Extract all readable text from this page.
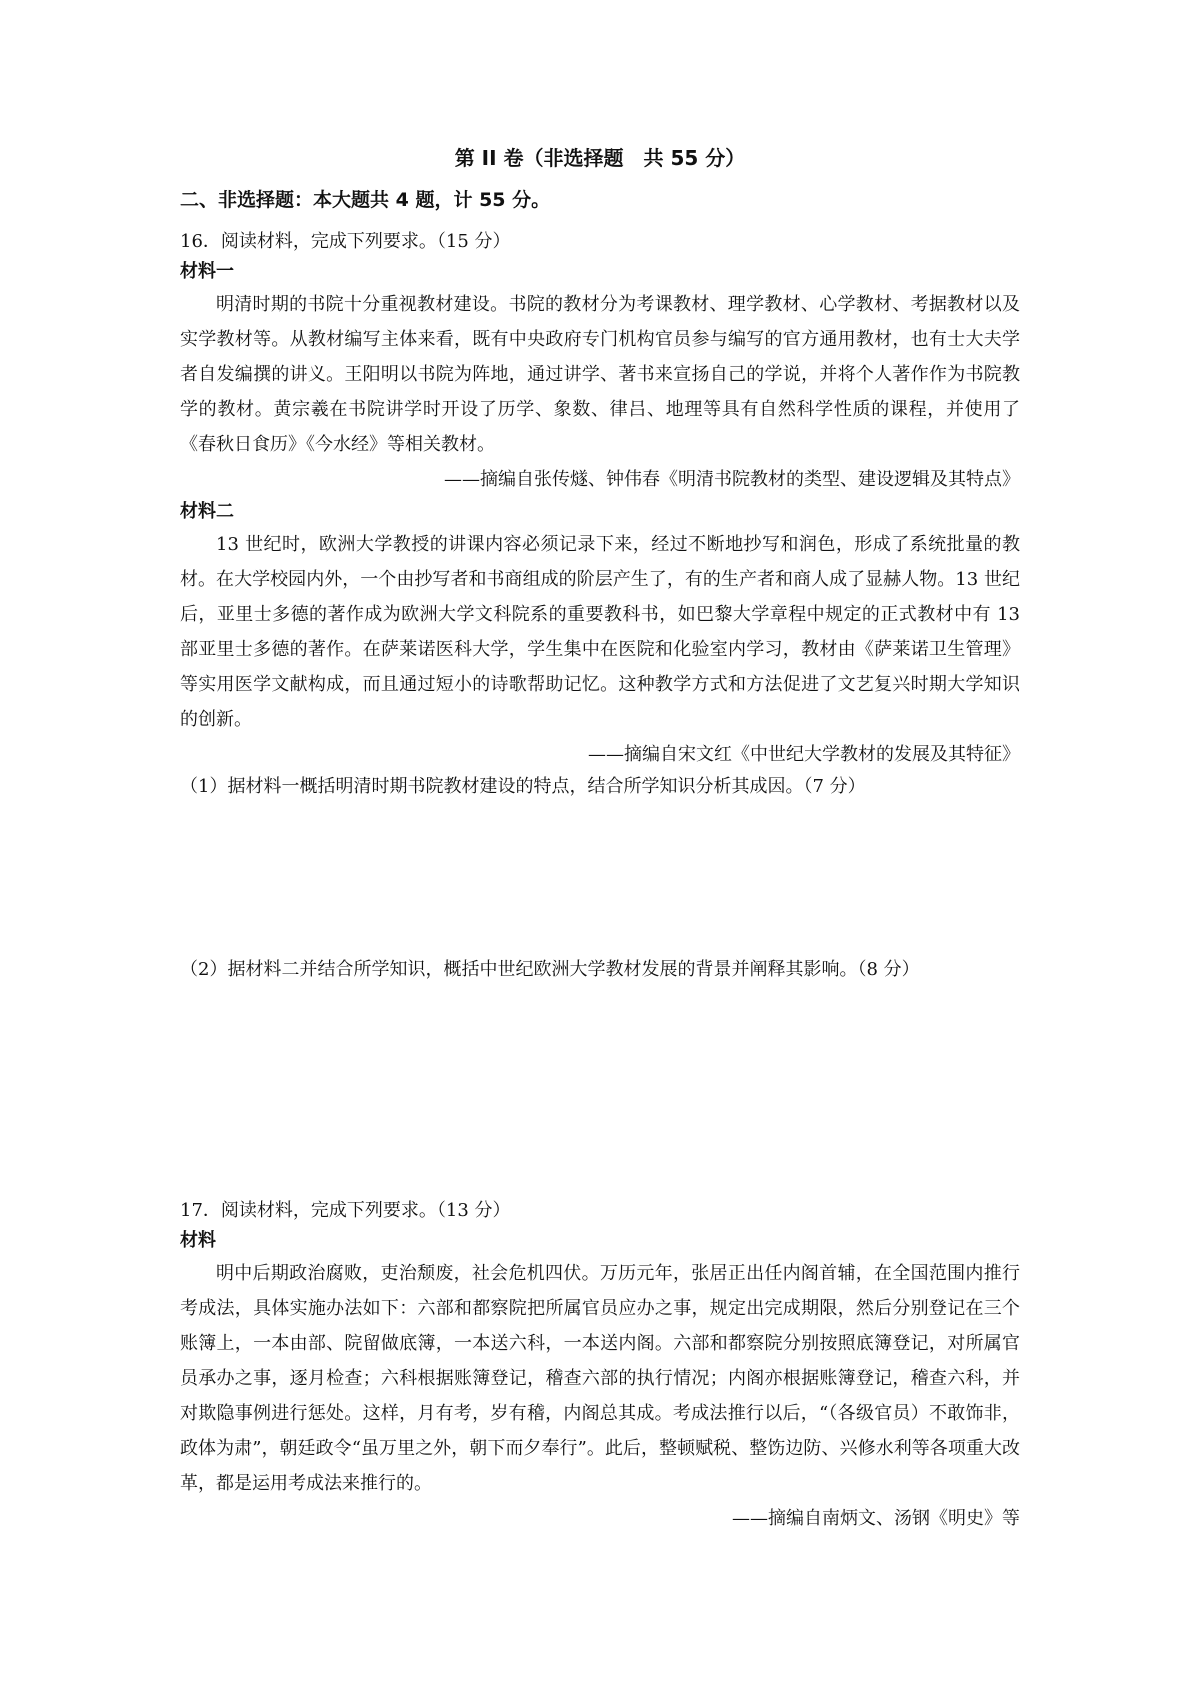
第 II 卷（非选择题　共 55 分）
二、非选择题：本大题共 4 题，计 55 分。
16．阅读材料，完成下列要求。（15 分）
材料一

明清时期的书院十分重视教材建设。书院的教材分为考课教材、理学教材、心学教材、考据教材以及实学教材等。从教材编写主体来看，既有中央政府专门机构官员参与编写的官方通用教材，也有士大夫学者自发编撰的讲义。王阳明以书院为阵地，通过讲学、著书来宣扬自己的学说，并将个人著作作为书院教学的教材。黄宗羲在书院讲学时开设了历学、象数、律吕、地理等具有自然科学性质的课程，并使用了《春秋日食历》《今水经》等相关教材。

——摘编自张传燧、钟伟春《明清书院教材的类型、建设逻辑及其特点》
材料二

13 世纪时，欧洲大学教授的讲课内容必须记录下来，经过不断地抄写和润色，形成了系统批量的教材。在大学校园内外，一个由抄写者和书商组成的阶层产生了，有的生产者和商人成了显赫人物。13 世纪后，亚里士多德的著作成为欧洲大学文科院系的重要教科书，如巴黎大学章程中规定的正式教材中有 13 部亚里士多德的著作。在萨莱诺医科大学，学生集中在医院和化验室内学习，教材由《萨莱诺卫生管理》等实用医学文献构成，而且通过短小的诗歌帮助记忆。这种教学方式和方法促进了文艺复兴时期大学知识的创新。

——摘编自宋文红《中世纪大学教材的发展及其特征》
（1）据材料一概括明清时期书院教材建设的特点，结合所学知识分析其成因。（7 分）
（2）据材料二并结合所学知识，概括中世纪欧洲大学教材发展的背景并阐释其影响。（8 分）
17．阅读材料，完成下列要求。（13 分）
材料

明中后期政治腐败，吏治颓废，社会危机四伏。万历元年，张居正出任内阁首辅，在全国范围内推行考成法，具体实施办法如下：六部和都察院把所属官员应办之事，规定出完成期限，然后分别登记在三个账簿上，一本由部、院留做底簿，一本送六科，一本送内阁。六部和都察院分别按照底簿登记，对所属官员承办之事，逐月检查；六科根据账簿登记，稽查六部的执行情况；内阁亦根据账簿登记，稽查六科，并对欺隐事例进行惩处。这样，月有考，岁有稽，内阁总其成。考成法推行以后，“（各级官员）不敢饰非，政体为肃”，朝廷政令“虽万里之外，朝下而夕奉行”。此后，整顿赋税、整饬边防、兴修水利等各项重大改革，都是运用考成法来推行的。

——摘编自南炳文、汤钢《明史》等
